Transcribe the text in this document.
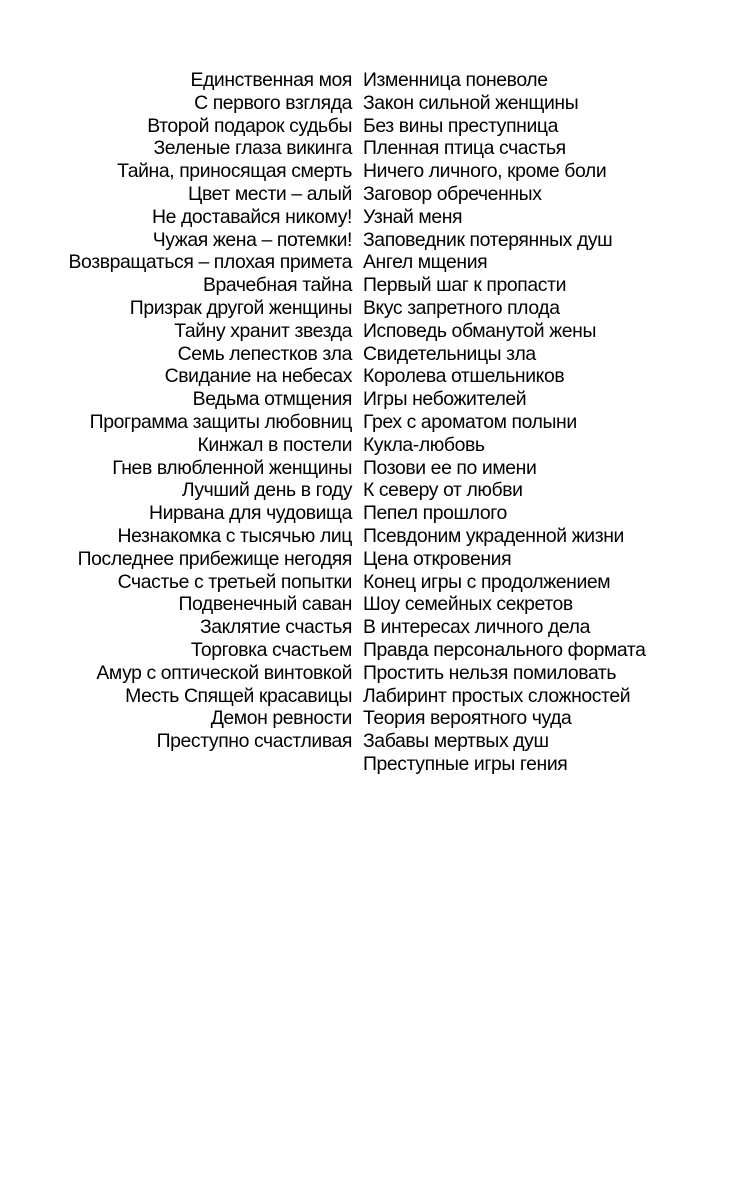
Единственная моя
С первого взгляда
Второй подарок судьбы
Зеленые глаза викинга
Тайна, приносящая смерть
Цвет мести – алый
Не доставайся никому!
Чужая жена – потемки!
Возвращаться – плохая примета
Врачебная тайна
Призрак другой женщины
Тайну хранит звезда
Семь лепестков зла
Свидание на небесах
Ведьма отмщения
Программа защиты любовниц
Кинжал в постели
Гнев влюбленной женщины
Лучший день в году
Нирвана для чудовища
Незнакомка с тысячью лиц
Последнее прибежище негодяя
Счастье с третьей попытки
Подвенечный саван
Заклятие счастья
Торговка счастьем
Амур с оптической винтовкой
Месть Спящей красавицы
Демон ревности
Преступно счастливая
Изменница поневоле
Закон сильной женщины
Без вины преступница
Пленная птица счастья
Ничего личного, кроме боли
Заговор обреченных
Узнай меня
Заповедник потерянных душ
Ангел мщения
Первый шаг к пропасти
Вкус запретного плода
Исповедь обманутой жены
Свидетельницы зла
Королева отшельников
Игры небожителей
Грех с ароматом полыни
Кукла-любовь
Позови ее по имени
К северу от любви
Пепел прошлого
Псевдоним украденной жизни
Цена откровения
Конец игры с продолжением
Шоу семейных секретов
В интересах личного дела
Правда персонального формата
Простить нельзя помиловать
Лабиринт простых сложностей
Теория вероятного чуда
Забавы мертвых душ
Преступные игры гения
